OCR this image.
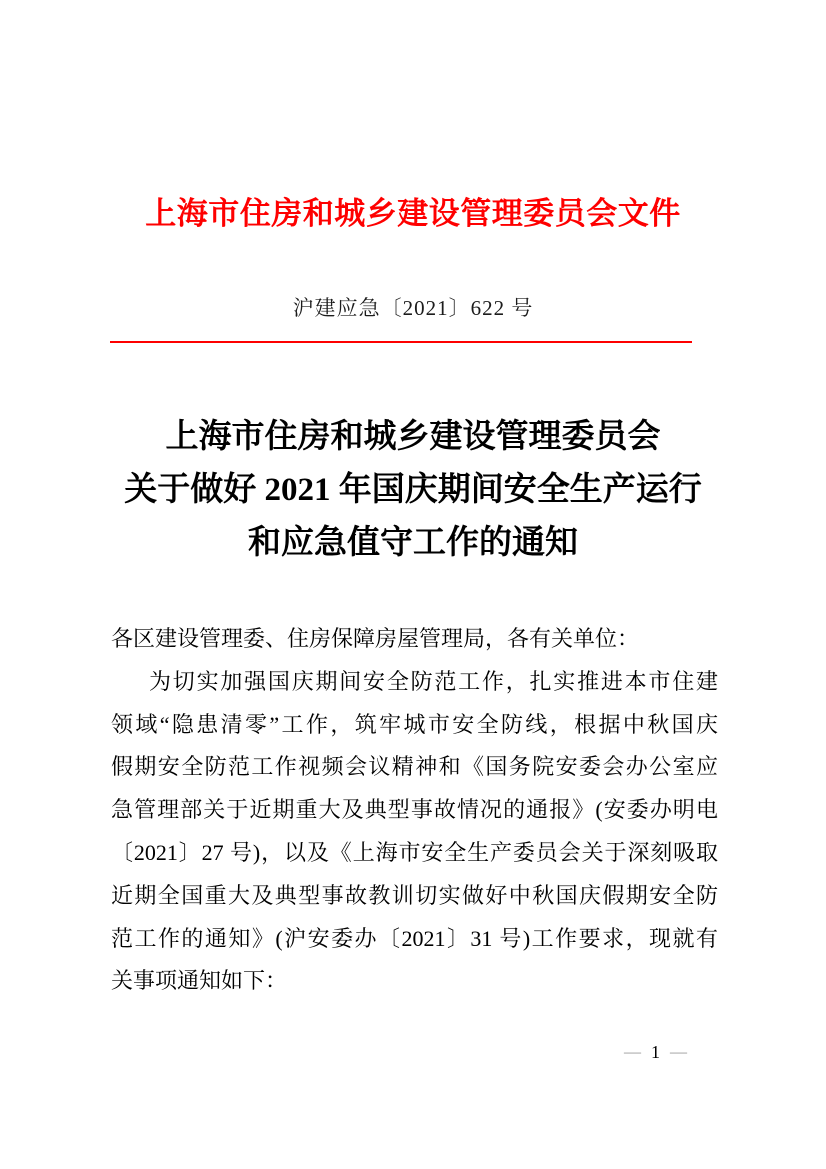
上海市住房和城乡建设管理委员会文件
沪建应急〔2021〕622 号
上海市住房和城乡建设管理委员会
关于做好 2021 年国庆期间安全生产运行
和应急值守工作的通知
各区建设管理委、住房保障房屋管理局，各有关单位：
为切实加强国庆期间安全防范工作，扎实推进本市住建
领域“隐患清零”工作，筑牢城市安全防线，根据中秋国庆
假期安全防范工作视频会议精神和《国务院安委会办公室应
急管理部关于近期重大及典型事故情况的通报》(安委办明电
〔2021〕27 号)，以及《上海市安全生产委员会关于深刻吸取
近期全国重大及典型事故教训切实做好中秋国庆假期安全防
范工作的通知》(沪安委办〔2021〕31 号)工作要求，现就有
关事项通知如下：
— 1 —
